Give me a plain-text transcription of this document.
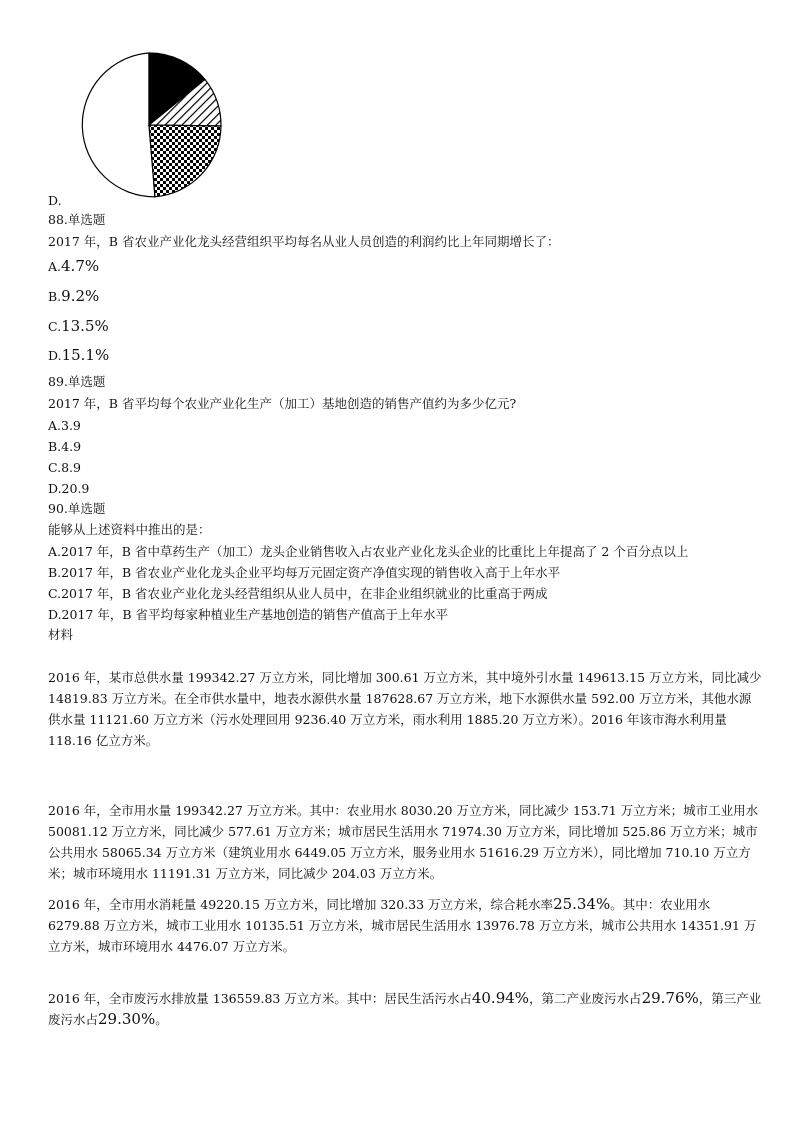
D.
88.单选题
2017 年，B 省农业产业化龙头经营组织平均每名从业人员创造的利润约比上年同期增长了：
A.4.7%
B.9.2%
C.13.5%
D.15.1%
89.单选题
2017 年，B 省平均每个农业产业化生产（加工）基地创造的销售产值约为多少亿元?
A.3.9
B.4.9
C.8.9
D.20.9
90.单选题
能够从上述资料中推出的是：
A.2017 年，B 省中草药生产（加工）龙头企业销售收入占农业产业化龙头企业的比重比上年提高了 2 个百分点以上
B.2017 年，B 省农业产业化龙头企业平均每万元固定资产净值实现的销售收入高于上年水平
C.2017 年，B 省农业产业化龙头经营组织从业人员中，在非企业组织就业的比重高于两成
D.2017 年，B 省平均每家种植业生产基地创造的销售产值高于上年水平
材料
2016 年，某市总供水量 199342.27 万立方米，同比增加 300.61 万立方米，其中境外引水量 149613.15 万立方米，同比减少 14819.83 万立方米。在全市供水量中，地表水源供水量 187628.67 万立方米，地下水源供水量 592.00 万立方米，其他水源供水量 11121.60 万立方米（污水处理回用 9236.40 万立方米，雨水利用 1885.20 万立方米）。2016 年该市海水利用量 118.16 亿立方米。
2016 年，全市用水量 199342.27 万立方米。其中：农业用水 8030.20 万立方米，同比减少 153.71 万立方米；城市工业用水 50081.12 万立方米，同比减少 577.61 万立方米；城市居民生活用水 71974.30 万立方米，同比增加 525.86 万立方米；城市公共用水 58065.34 万立方米（建筑业用水 6449.05 万立方米，服务业用水 51616.29 万立方米），同比增加 710.10 万立方米；城市环境用水 11191.31 万立方米，同比减少 204.03 万立方米。
2016 年，全市用水消耗量 49220.15 万立方米，同比增加 320.33 万立方米，综合耗水率25.34%。其中：农业用水 6279.88 万立方米，城市工业用水 10135.51 万立方米，城市居民生活用水 13976.78 万立方米，城市公共用水 14351.91 万立方米，城市环境用水 4476.07 万立方米。
2016 年，全市废污水排放量 136559.83 万立方米。其中：居民生活污水占40.94%，第二产业废污水占29.76%，第三产业废污水占29.30%。
